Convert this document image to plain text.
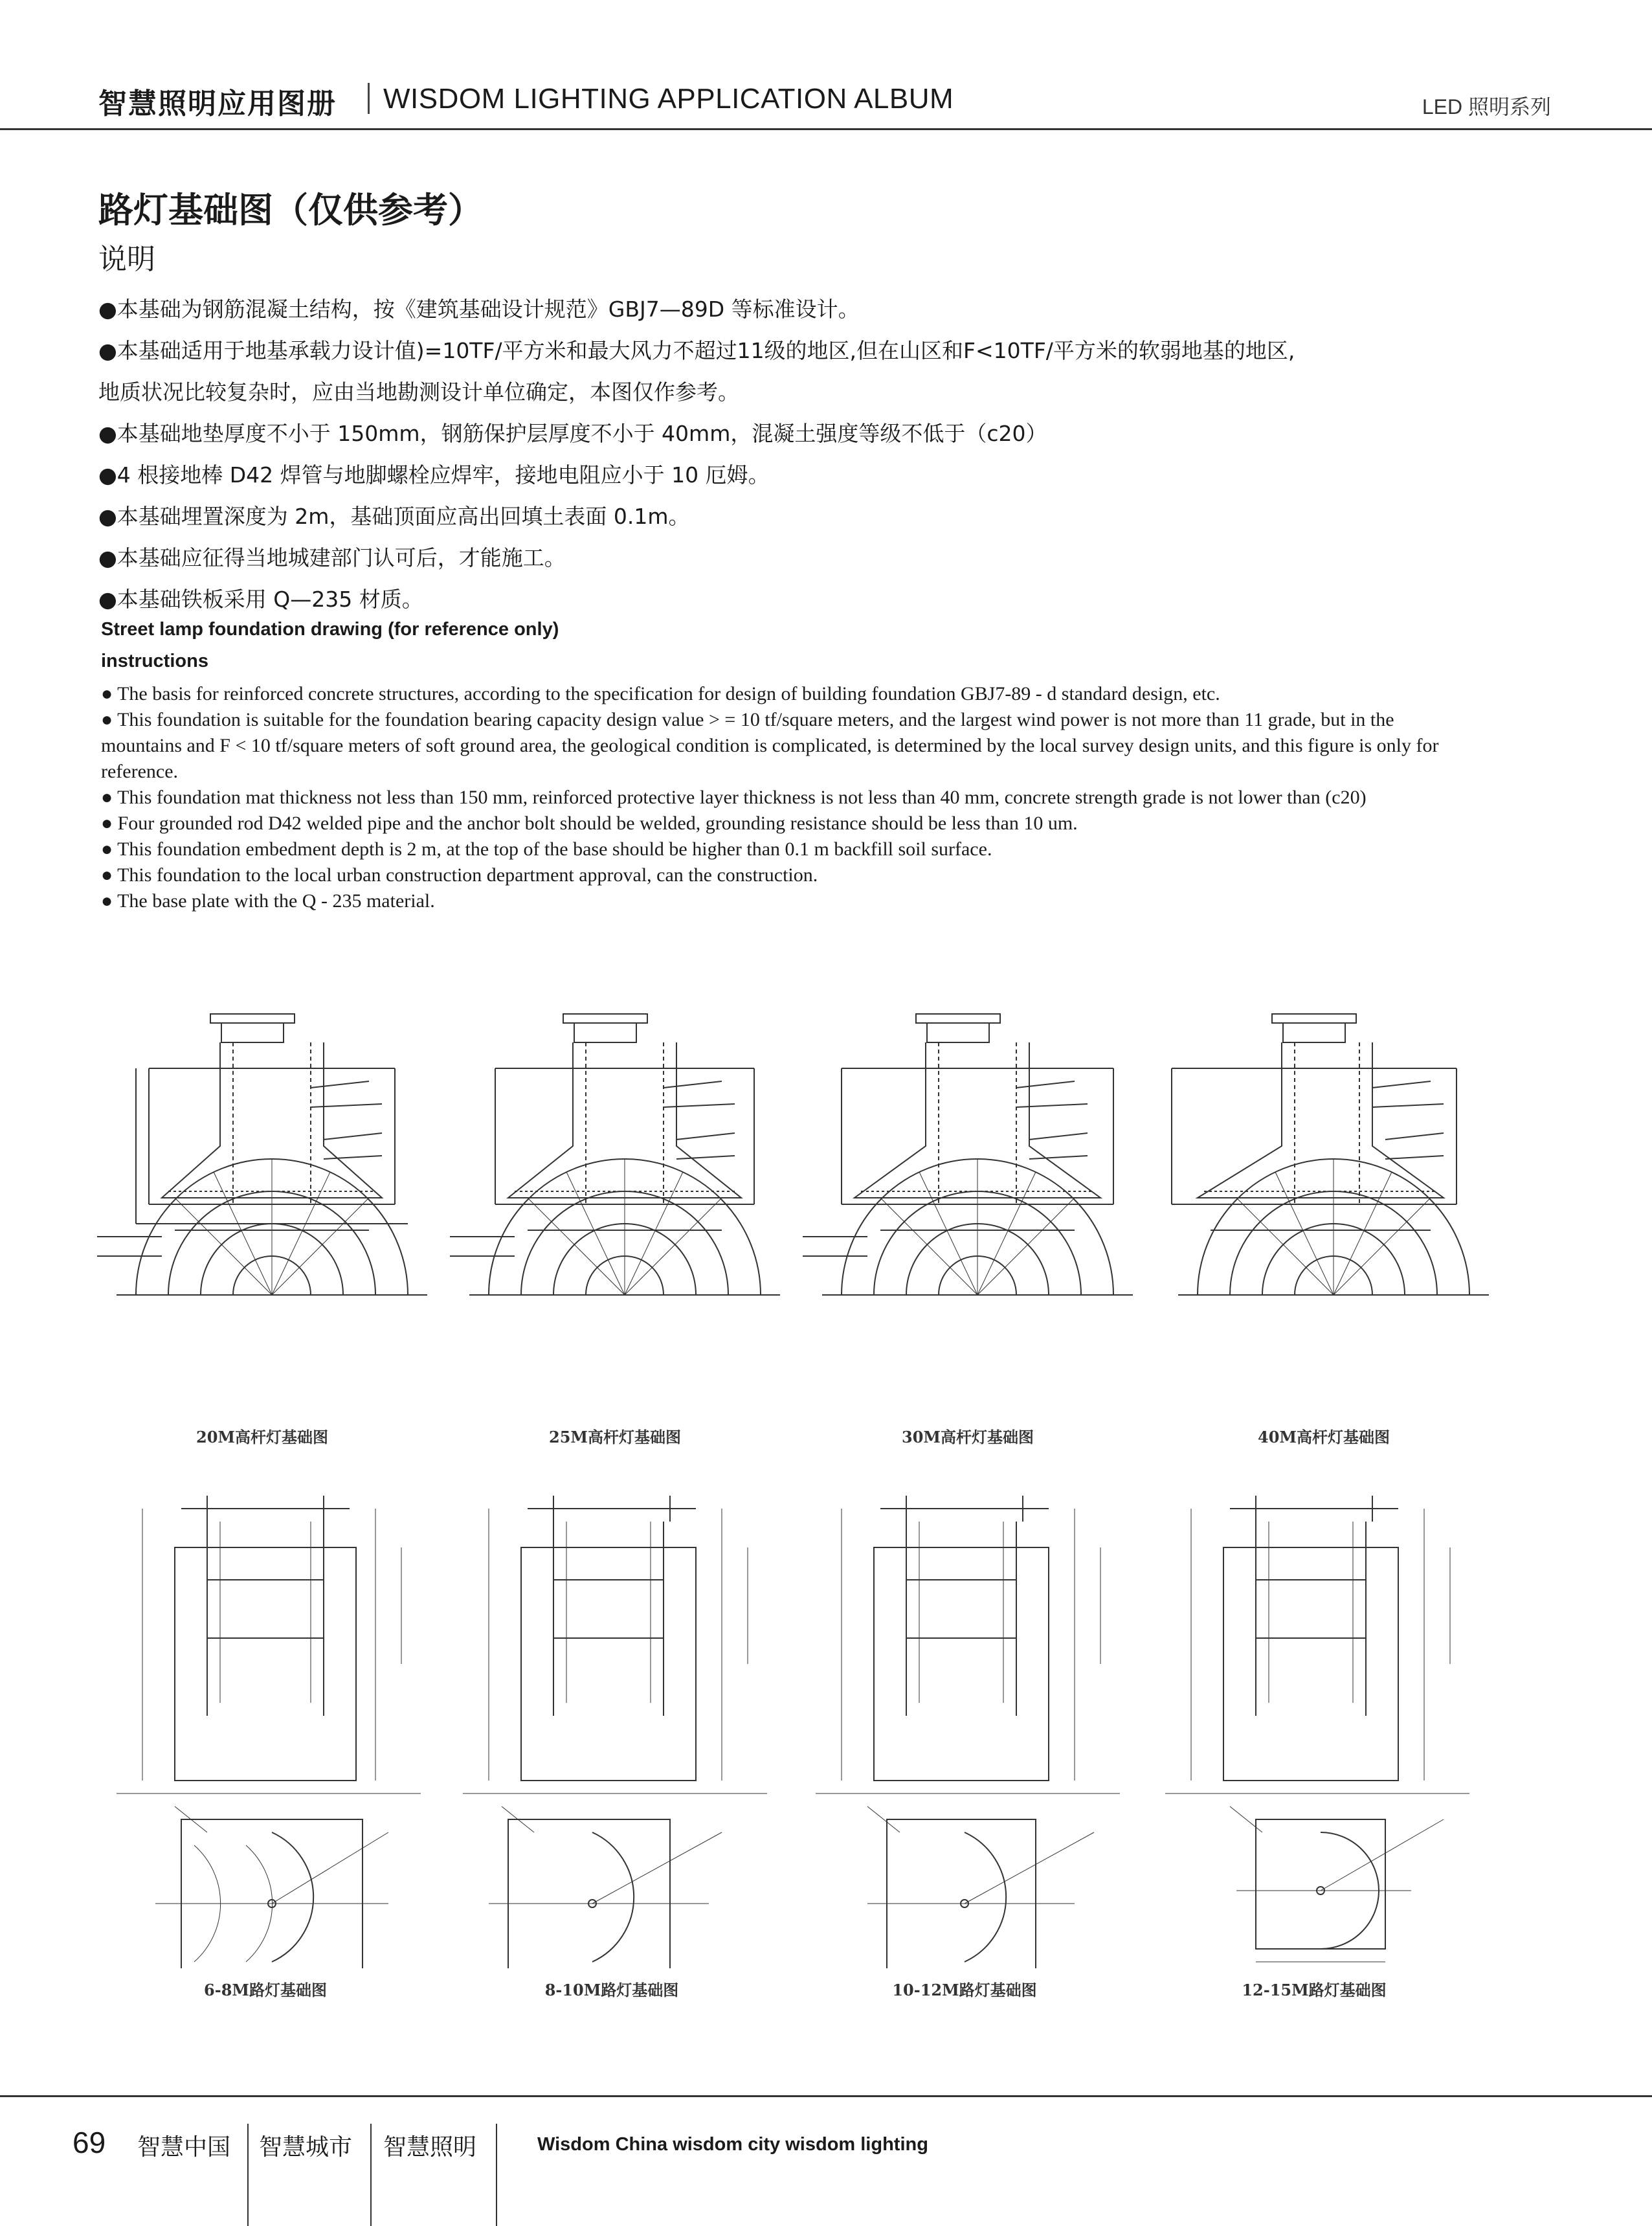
智慧照明应用图册 WISDOM LIGHTING APPLICATION ALBUM	LED 照明系列
路灯基础图（仅供参考）
说明

●本基础为钢筋混凝土结构，按《建筑基础设计规范》GBJ7—89D 等标准设计。

●本基础适用于地基承载力设计值)=10TF/平方米和最大风力不超过11级的地区,但在山区和F<10TF/平方米的软弱地基的地区,

地质状况比较复杂时，应由当地勘测设计单位确定，本图仅作参考。

●本基础地垫厚度不小于 150mm，钢筋保护层厚度不小于 40mm，混凝土强度等级不低于（c20）

●4 根接地棒 D42 焊管与地脚螺栓应焊牢，接地电阻应小于 10 厄姆。

●本基础埋置深度为 2m，基础顶面应高出回填土表面 0.1m。

●本基础应征得当地城建部门认可后，才能施工。

●本基础铁板采用 Q—235 材质。

Street lamp foundation drawing (for reference only)
instructions

● The basis for reinforced concrete structures, according to the specification for design of building foundation GBJ7-89 - d standard design, etc.

● This foundation is suitable for the foundation bearing capacity design value > = 10 tf/square meters, and the largest wind power is not more than 11 grade, but in the mountains and F < 10 tf/square meters of soft ground area, the geological condition is complicated, is determined by the local survey design units, and this figure is only for reference.

● This foundation mat thickness not less than 150 mm, reinforced protective layer thickness is not less than 40 mm, concrete strength grade is not lower than (c20)

● Four grounded rod D42 welded pipe and the anchor bolt should be welded, grounding resistance should be less than 10 um.

● This foundation embedment depth is 2 m, at the top of the base should be higher than 0.1 m backfill soil surface.

● This foundation to the local urban construction department approval, can the construction.

● The base plate with the Q - 235 material.

20M高杆灯基础图	25M高杆灯基础图	30M高杆灯基础图	40M高杆灯基础图
6-8M路灯基础图	8-10M路灯基础图	10-12M路灯基础图	12-15M路灯基础图
69 智慧中国 智慧城市 智慧照明	Wisdom China wisdom city wisdom lighting
